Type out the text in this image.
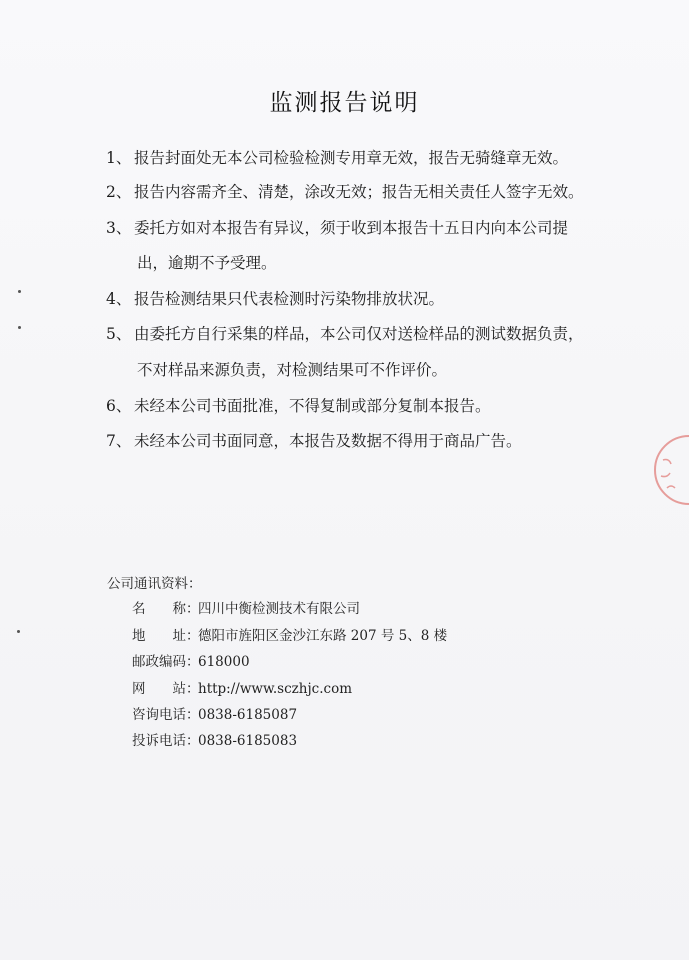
监测报告说明
1、 报告封面处无本公司检验检测专用章无效，报告无骑缝章无效。
2、 报告内容需齐全、清楚，涂改无效；报告无相关责任人签字无效。
3、 委托方如对本报告有异议，须于收到本报告十五日内向本公司提
出，逾期不予受理。
4、 报告检测结果只代表检测时污染物排放状况。
5、 由委托方自行采集的样品，本公司仅对送检样品的测试数据负责，
不对样品来源负责，对检测结果可不作评价。
6、 未经本公司书面批准，不得复制或部分复制本报告。
7、 未经本公司书面同意，本报告及数据不得用于商品广告。
公司通讯资料：
名　　称：四川中衡检测技术有限公司
地　　址：德阳市旌阳区金沙江东路 207 号 5、8 楼
邮政编码：618000
网　　站：http://www.sczhjc.com
咨询电话：0838-6185087
投诉电话：0838-6185083
